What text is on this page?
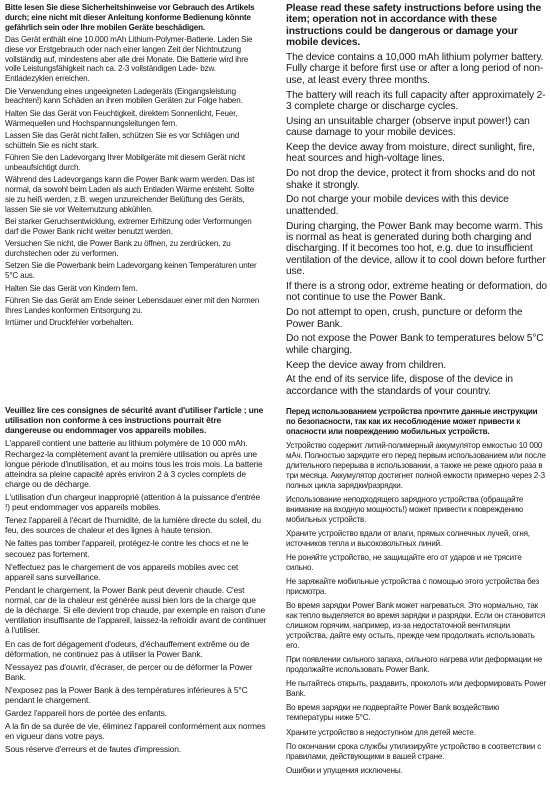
Bitte lesen Sie diese Sicherheitshinweise vor Gebrauch des Artikels durch; eine nicht mit dieser Anleitung konforme Bedienung könnte gefährlich sein oder Ihre mobilen Geräte beschädigen.

Das Gerät enthält eine 10.000 mAh Lithium-Polymer-Batterie. Laden Sie diese vor Erstgebrauch oder nach einer langen Zeit der Nichtnutzung vollständig auf, mindestens aber alle drei Monate. Die Batterie wird ihre volle Leistungsfähigkeit nach ca. 2-3 vollständigen Lade- bzw. Entladezyklen erreichen.

Die Verwendung eines ungeeigneten Ladegeräts (Eingangsleistung beachten!) kann Schäden an ihren mobilen Geräten zur Folge haben.

Halten Sie das Gerät von Feuchtigkeit, direktem Sonnenlicht, Feuer, Wärmequellen und Hochspannungsleitungen fern.

Lassen Sie das Gerät nicht fallen, schützen Sie es vor Schlägen und schütteln Sie es nicht stark.

Führen Sie den Ladevorgang Ihrer Mobilgeräte mit diesem Gerät nicht unbeaufsichtigt durch.

Während des Ladevorgangs kann die Power Bank warm werden. Das ist normal, da sowohl beim Laden als auch Entladen Wärme entsteht. Sollte sie zu heiß werden, z.B. wegen unzureichender Belüftung des Geräts, lassen Sie sie vor Weiternutzung abkühlen.

Bei starker Geruchsentwicklung, extremer Erhitzung oder Verformungen darf die Power Bank nicht weiter benutzt werden.

Versuchen Sie nicht, die Power Bank zu öffnen, zu zerdrücken, zu durchstechen oder zu verformen.

Setzen Sie die Powerbank beim Ladevorgang keinen Temperaturen unter 5°C aus.

Halten Sie das Gerät von Kindern fern.

Führen Sie das Gerät am Ende seiner Lebensdauer einer mit den Normen Ihres Landes konformen Entsorgung zu.

Irrtümer und Druckfehler vorbehalten.

Please read these safety instructions before using the item; operation not in accordance with these instructions could be dangerous or damage your mobile devices.

The device contains a 10,000 mAh lithium polymer battery. Fully charge it before first use or after a long period of non-use, at least every three months.

The battery will reach its full capacity after approximately 2-3 complete charge or discharge cycles.

Using an unsuitable charger (observe input power!) can cause damage to your mobile devices.

Keep the device away from moisture, direct sunlight, fire, heat sources and high-voltage lines.

Do not drop the device, protect it from shocks and do not shake it strongly.

Do not charge your mobile devices with this device unattended.

During charging, the Power Bank may become warm. This is normal as heat is generated during both charging and discharging. If it becomes too hot, e.g. due to insufficient ventilation of the device, allow it to cool down before further use.

If there is a strong odor, extreme heating or deformation, do not continue to use the Power Bank.

Do not attempt to open, crush, puncture or deform the Power Bank.

Do not expose the Power Bank to temperatures below 5°C while charging.

Keep the device away from children.

At the end of its service life, dispose of the device in accordance with the standards of your country.

Veuillez lire ces consignes de sécurité avant d'utiliser l'article ; une utilisation non conforme à ces instructions pourrait être dangereuse ou endommager vos appareils mobiles.

L'appareil contient une batterie au lithium polymère de 10 000 mAh. Rechargez-la complètement avant la première utilisation ou après une longue période d'inutilisation, et au moins tous les trois mois. La batterie atteindra sa pleine capacité après environ 2 à 3 cycles complets de charge ou de décharge.

L'utilisation d'un chargeur inapproprié (attention à la puissance d'entrée !) peut endommager vos appareils mobiles.

Tenez l'appareil à l'écart de l'humidité, de la lumière directe du soleil, du feu, des sources de chaleur et des lignes à haute tension.

Ne faites pas tomber l'appareil, protégez-le contre les chocs et ne le secouez pas fortement.

N'effectuez pas le chargement de vos appareils mobiles avec cet appareil sans surveillance.

Pendant le chargement, la Power Bank peut devenir chaude. C'est normal, car de la chaleur est générée aussi bien lors de la charge que de la décharge. Si elle devient trop chaude, par exemple en raison d'une ventilation insuffisante de l'appareil, laissez-la refroidir avant de continuer à l'utiliser.

En cas de fort dégagement d'odeurs, d'échauffement extrême ou de déformation, ne continuez pas à utiliser la Power Bank.

N'essayez pas d'ouvrir, d'écraser, de percer ou de déformer la Power Bank.

N'exposez pas la Power Bank à des températures inférieures à 5°C pendant le chargement.

Gardez l'appareil hors de portée des enfants.

A la fin de sa durée de vie, éliminez l'appareil conformément aux normes en vigueur dans votre pays.

Sous réserve d'erreurs et de fautes d'impression.

Перед использованием устройства прочтите данные инструкции по безопасности, так как их несоблюдение может привести к опасности или повреждению мобильных устройств.

Устройство содержит литий-полимерный аккумулятор емкостью 10 000 мАч. Полностью зарядите его перед первым использованием или после длительного перерыва в использовании, а также не реже одного раза в три месяца. Аккумулятор достигнет полной емкости примерно через 2-3 полных цикла зарядки/разрядки.

Использование неподходящего зарядного устройства (обращайте внимание на входную мощность!) может привести к повреждению мобильных устройств.

Храните устройство вдали от влаги, прямых солнечных лучей, огня, источников тепла и высоковольтных линий.

Не роняйте устройство, не защищайте его от ударов и не трясите сильно.

Не заряжайте мобильные устройства с помощью этого устройства без присмотра.

Во время зарядки Power Bank может нагреваться. Это нормально, так как тепло выделяется во время зарядки и разрядки. Если он становится слишком горячим, например, из-за недостаточной вентиляции устройства, дайте ему остыть, прежде чем продолжать использовать его.

При появлении сильного запаха, сильного нагрева или деформации не продолжайте использовать Power Bank.

Не пытайтесь открыть, раздавить, проколоть или деформировать Power Bank.

Во время зарядки не подвергайте Power Bank воздействию температуры ниже 5°C.

Храните устройство в недоступном для детей месте.

По окончании срока службы утилизируйте устройство в соответствии с правилами, действующими в вашей стране.

Ошибки и упущения исключены.
